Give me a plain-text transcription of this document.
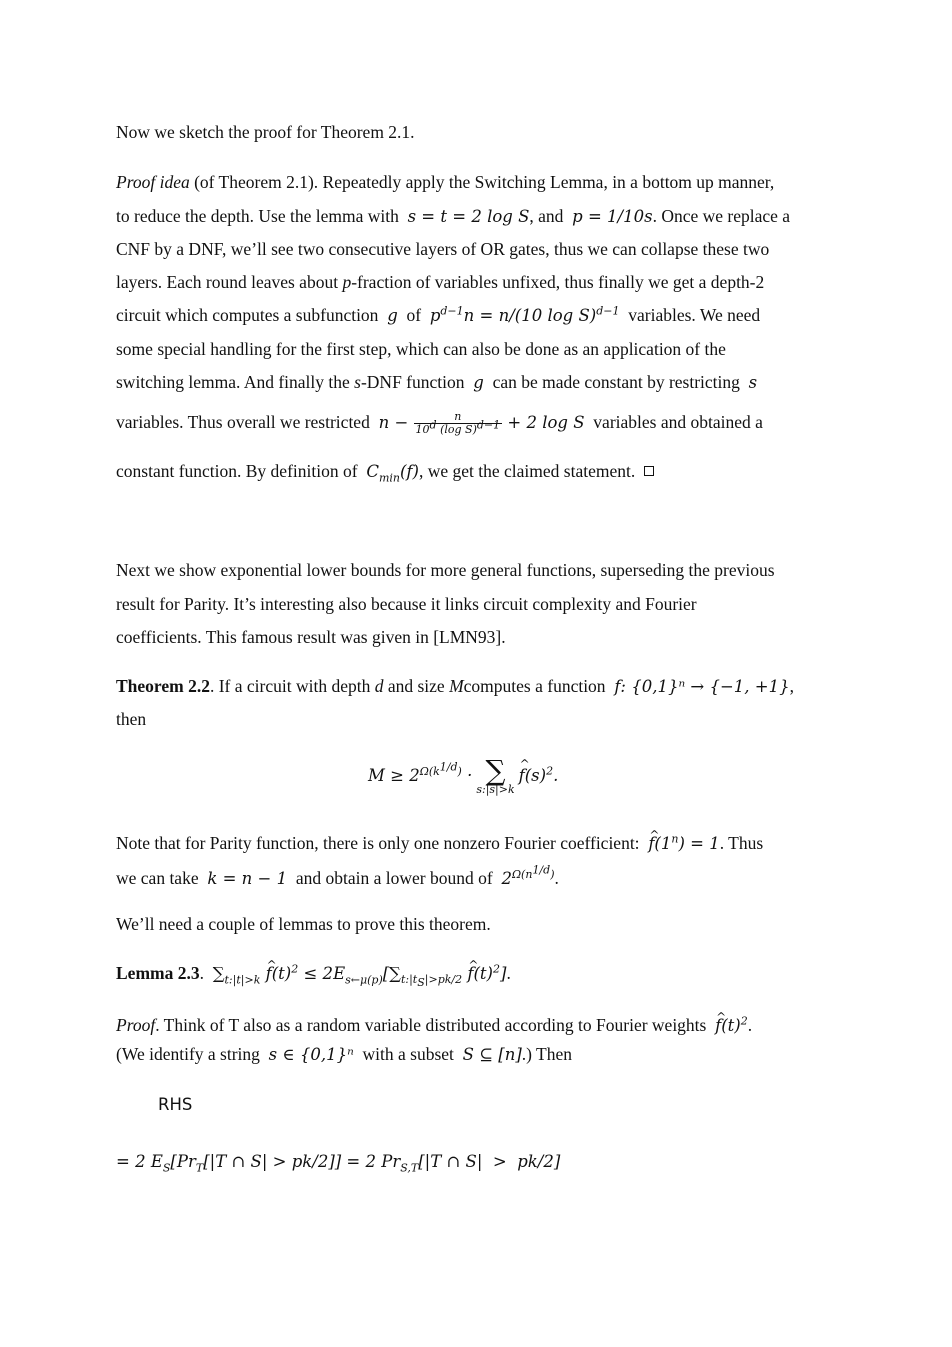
Now we sketch the proof for Theorem 2.1.
Proof idea (of Theorem 2.1). Repeatedly apply the Switching Lemma, in a bottom up manner,
to reduce the depth. Use the lemma with s = t = 2 log S, and p = 1/10s. Once we replace a
CNF by a DNF, we’ll see two consecutive layers of OR gates, thus we can collapse these two
layers. Each round leaves about p-fraction of variables unfixed, thus finally we get a depth-2
circuit which computes a subfunction g of $p^{d-1}n = n/(10$ log S)$^{d-1}$ variables. We need
some special handling for the first step, which can also be done as an application of the
switching lemma. And finally the s-DNF function g can be made constant by restricting s
variables. Thus overall we restricted $n - \frac{n}{10^d (\log S)^{d-1}} + 2$ log S variables and obtained a
constant function. By definition of $C_{min}(f)$, we get the claimed statement.
Next we show exponential lower bounds for more general functions, superseding the previous
result for Parity. It’s interesting also because it links circuit complexity and Fourier
coefficients. This famous result was given in [LMN93].
Theorem 2.2. If a circuit with depth d and size Mcomputes a function f: {0,1}ⁿ → {−1, +1},
then
$M \ge 2^{\Omega(k^{1/d})}$ · ∑
s:|s|>k
^ $f(s)^2$.
Note that for Parity function, there is only one nonzero Fourier coefficient: ^ $f(1^n) = 1$. Thus
we can take k = n − 1 and obtain a lower bound of $2^{\Omega(n^{1/d})}$.
We’ll need a couple of lemmas to prove this theorem.
Lemma 2.3.  $\sum_{t:|t|>k}$ ^ $f(t)^2 \le 2E_{s\leftarrow\mu(p)}[\sum_{t:|t_S|>pk/2}$ ^ $f(t)^2$].
Proof. Think of T also as a random variable distributed according to Fourier weights ^ $f(t)^2$.
(We identify a string s ∈ {0,1}ⁿ with a subset S ⊆ [n].) Then
RHS
= 2 $E_S[Pr_T[|T$ ∩ S| > pk/2]] = 2 $Pr_{S,T}[|T$ ∩ S|  >  pk/2]
